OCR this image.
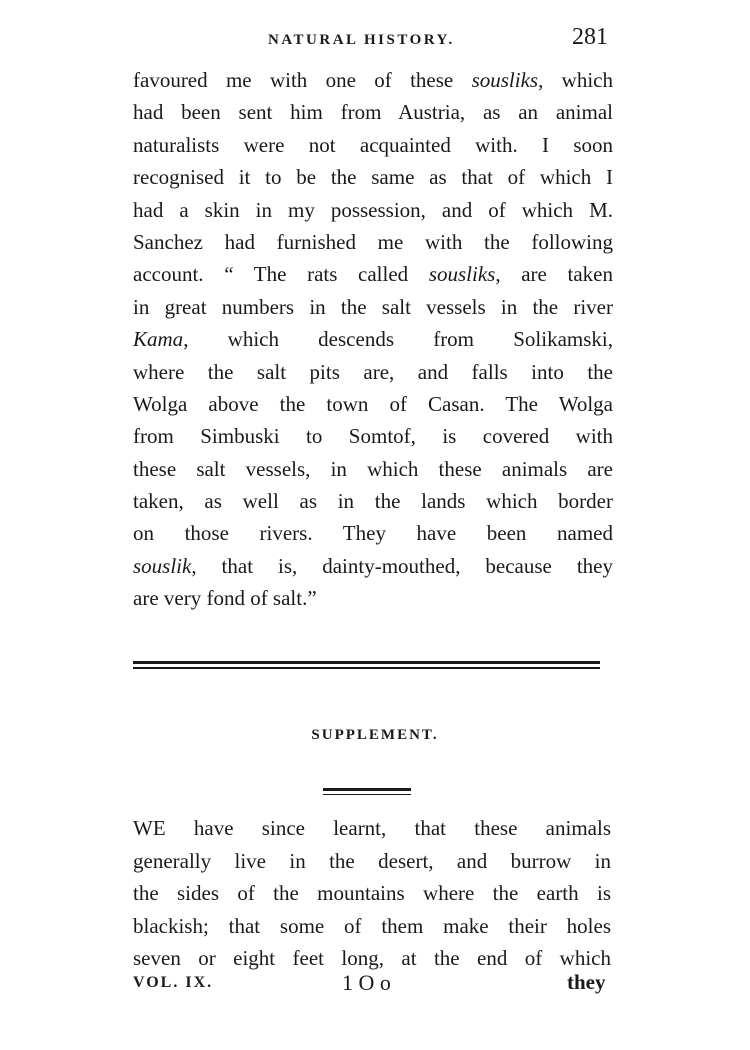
NATURAL HISTORY.	281
favoured me with one of these sousliks, which
had been sent him from Austria, as an animal
naturalists were not acquainted with. I soon
recognised it to be the same as that of which I
had a skin in my possession, and of which M.
Sanchez had furnished me with the following
account. “ The rats called sousliks, are taken
in great numbers in the salt vessels in the river
Kama, which descends from Solikamski,
where the salt pits are, and falls into the
Wolga above the town of Casan. The Wolga
from Simbuski to Somtof, is covered with
these salt vessels, in which these animals are
taken, as well as in the lands which border
on those rivers. They have been named
souslik, that is, dainty-mouthed, because they
are very fond of salt.”
SUPPLEMENT.
WE have since learnt, that these animals
generally live in the desert, and burrow in
the sides of the mountains where the earth is
blackish; that some of them make their holes
seven or eight feet long, at the end of which
VOL. IX.	1 O o	they
